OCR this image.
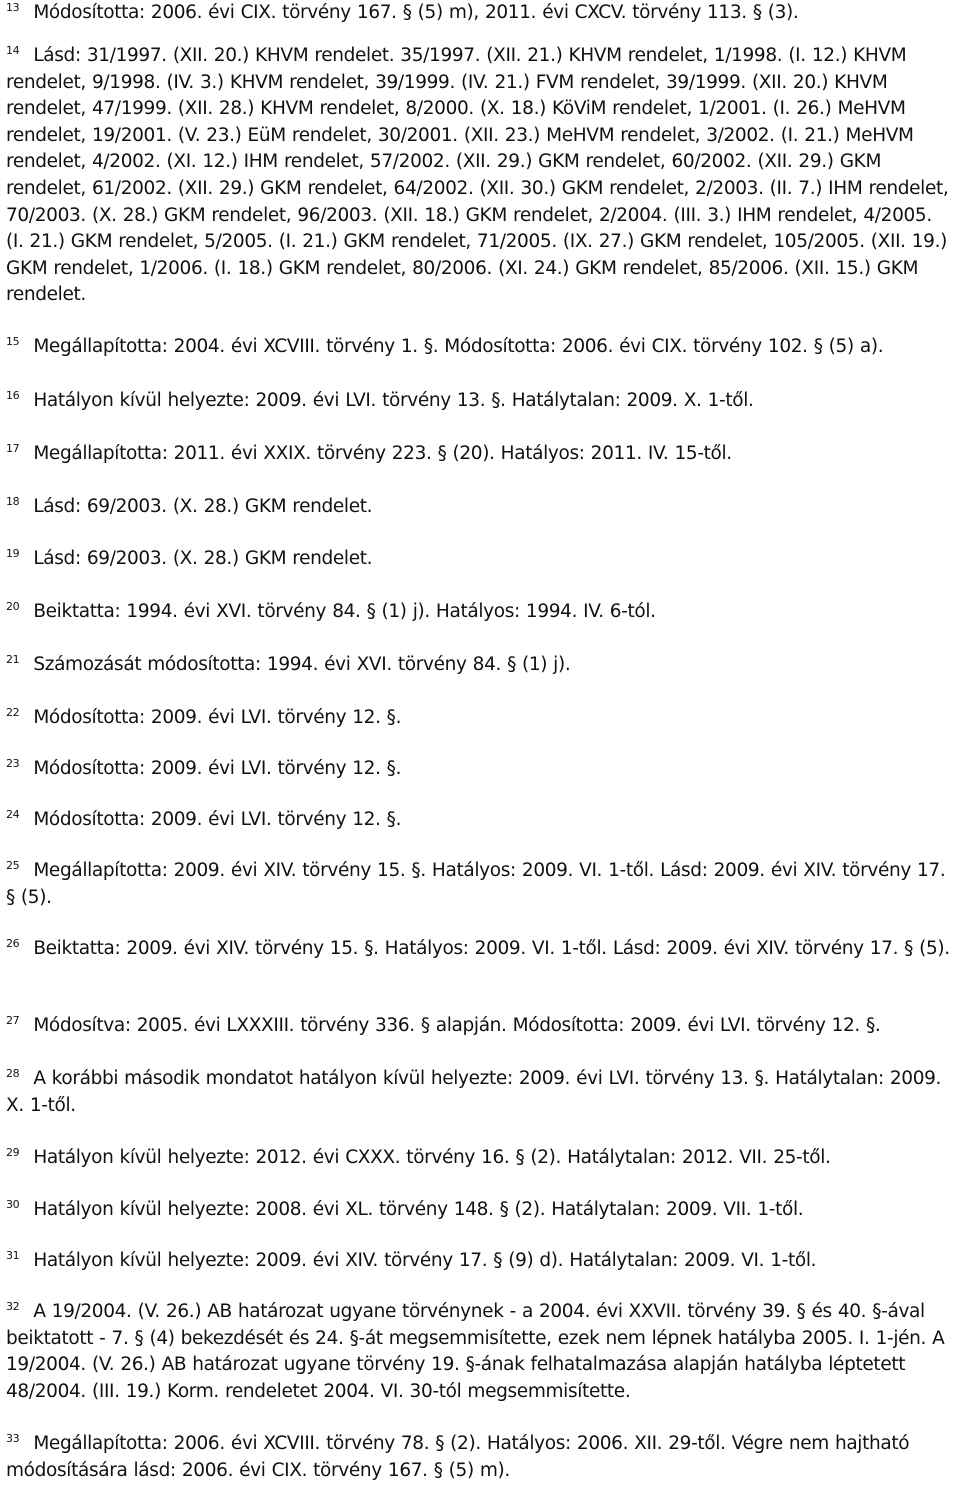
$^{13}$ Módosította: 2006. évi CIX. törvény 167. § (5) m), 2011. évi CXCV. törvény 113. § (3).

$^{14}$ Lásd: 31/1997. (XII. 20.) KHVM rendelet. 35/1997. (XII. 21.) KHVM rendelet, 1/1998. (I. 12.) KHVM rendelet, 9/1998. (IV. 3.) KHVM rendelet, 39/1999. (IV. 21.) FVM rendelet, 39/1999. (XII. 20.) KHVM rendelet, 47/1999. (XII. 28.) KHVM rendelet, 8/2000. (X. 18.) KöViM rendelet, 1/2001. (I. 26.) MeHVM rendelet, 19/2001. (V. 23.) EüM rendelet, 30/2001. (XII. 23.) MeHVM rendelet, 3/2002. (I. 21.) MeHVM rendelet, 4/2002. (XI. 12.) IHM rendelet, 57/2002. (XII. 29.) GKM rendelet, 60/2002. (XII. 29.) GKM rendelet, 61/2002. (XII. 29.) GKM rendelet, 64/2002. (XII. 30.) GKM rendelet, 2/2003. (II. 7.) IHM rendelet, 70/2003. (X. 28.) GKM rendelet, 96/2003. (XII. 18.) GKM rendelet, 2/2004. (III. 3.) IHM rendelet, 4/2005. (I. 21.) GKM rendelet, 5/2005. (I. 21.) GKM rendelet, 71/2005. (IX. 27.) GKM rendelet, 105/2005. (XII. 19.) GKM rendelet, 1/2006. (I. 18.) GKM rendelet, 80/2006. (XI. 24.) GKM rendelet, 85/2006. (XII. 15.) GKM rendelet.

$^{15}$ Megállapította: 2004. évi XCVIII. törvény 1. §. Módosította: 2006. évi CIX. törvény 102. § (5) a).

$^{16}$ Hatályon kívül helyezte: 2009. évi LVI. törvény 13. §. Hatálytalan: 2009. X. 1-től.

$^{17}$ Megállapította: 2011. évi XXIX. törvény 223. § (20). Hatályos: 2011. IV. 15-től.

$^{18}$ Lásd: 69/2003. (X. 28.) GKM rendelet.

$^{19}$ Lásd: 69/2003. (X. 28.) GKM rendelet.

$^{20}$ Beiktatta: 1994. évi XVI. törvény 84. § (1) j). Hatályos: 1994. IV. 6-tól.

$^{21}$ Számozását módosította: 1994. évi XVI. törvény 84. § (1) j).

$^{22}$ Módosította: 2009. évi LVI. törvény 12. §.

$^{23}$ Módosította: 2009. évi LVI. törvény 12. §.

$^{24}$ Módosította: 2009. évi LVI. törvény 12. §.

$^{25}$ Megállapította: 2009. évi XIV. törvény 15. §. Hatályos: 2009. VI. 1-től. Lásd: 2009. évi XIV. törvény 17. § (5).

$^{26}$ Beiktatta: 2009. évi XIV. törvény 15. §. Hatályos: 2009. VI. 1-től. Lásd: 2009. évi XIV. törvény 17. § (5).

$^{27}$ Módosítva: 2005. évi LXXXIII. törvény 336. § alapján. Módosította: 2009. évi LVI. törvény 12. §.

$^{28}$ A korábbi második mondatot hatályon kívül helyezte: 2009. évi LVI. törvény 13. §. Hatálytalan: 2009. X. 1-től.

$^{29}$ Hatályon kívül helyezte: 2012. évi CXXX. törvény 16. § (2). Hatálytalan: 2012. VII. 25-től.

$^{30}$ Hatályon kívül helyezte: 2008. évi XL. törvény 148. § (2). Hatálytalan: 2009. VII. 1-től.

$^{31}$ Hatályon kívül helyezte: 2009. évi XIV. törvény 17. § (9) d). Hatálytalan: 2009. VI. 1-től.

$^{32}$ A 19/2004. (V. 26.) AB határozat ugyane törvénynek - a 2004. évi XXVII. törvény 39. § és 40. §-ával beiktatott - 7. § (4) bekezdését és 24. §-át megsemmisítette, ezek nem lépnek hatályba 2005. I. 1-jén. A 19/2004. (V. 26.) AB határozat ugyane törvény 19. §-ának felhatalmazása alapján hatályba léptetett 48/2004. (III. 19.) Korm. rendeletet 2004. VI. 30-tól megsemmisítette.

$^{33}$ Megállapította: 2006. évi XCVIII. törvény 78. § (2). Hatályos: 2006. XII. 29-től. Végre nem hajtható módosítására lásd: 2006. évi CIX. törvény 167. § (5) m).
